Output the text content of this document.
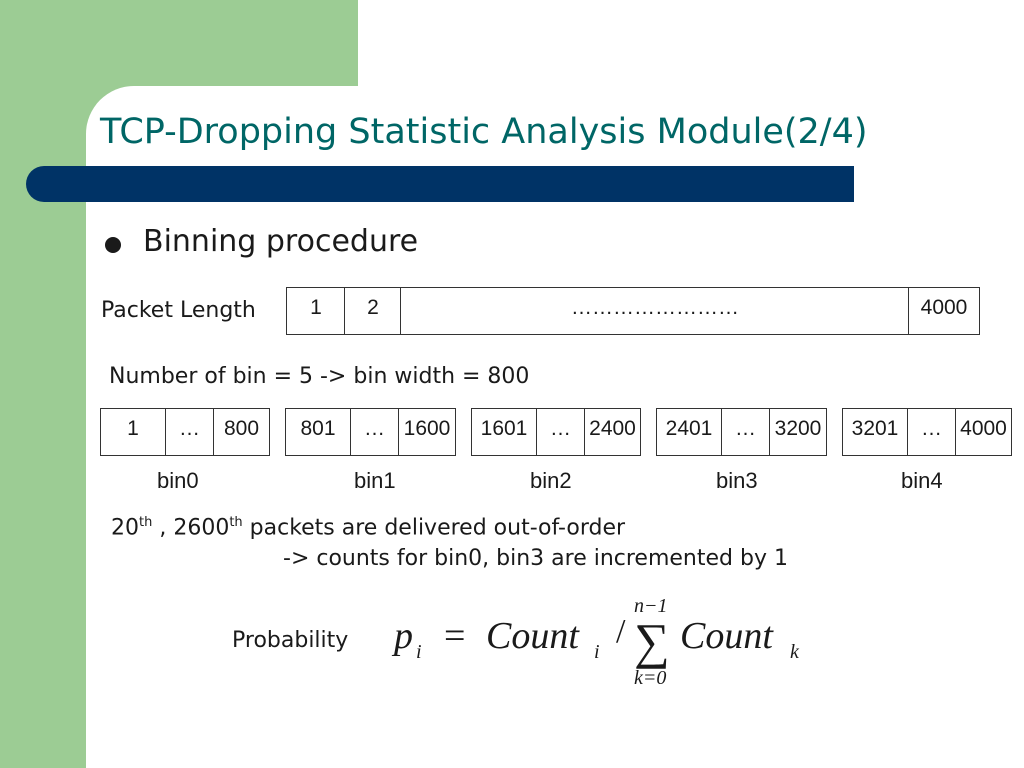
TCP-Dropping Statistic Analysis Module(2/4)
Binning procedure
Packet Length	1	2	……………………	4000
Number of bin = 5 -> bin width = 800
1	…	800	801	… 1600	1601	… 2400	2401	… 3200	3201	… 4000
bin0	bin1	bin2	bin3	bin4
20th , 2600th packets are delivered out-of-order
-> counts for bin0, bin3 are incremented by 1
Probability p i = Count i
/
n−1
∑
k=0
Count k
